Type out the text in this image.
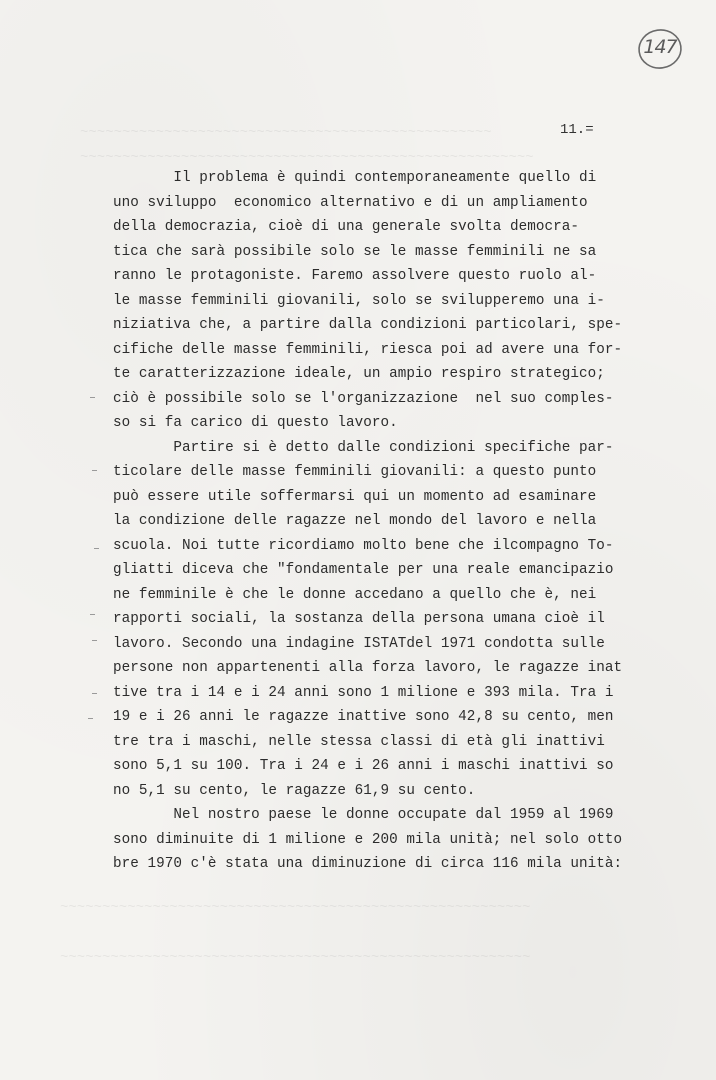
~~~~~~~~~~~~~~~~~~~~~~~~~~~~~~~~~~~~~~~~~~~~~~~~~
~~~~~~~~~~~~~~~~~~~~~~~~~~~~~~~~~~~~~~~~~~~~~~~~~~~~~~
~~~~~~~~~~~~~~~~~~~~~~~~~~~~~~~~~~~~~~~~~~~~~~~~~~~~~~~~
~~~~~~~~~~~~~~~~~~~~~~~~~~~~~~~~~~~~~~~~~~~~~~~~~~~~~~~~
147
11.=
Il problema è quindi contemporaneamente quello di
uno sviluppo  economico alternativo e di un ampliamento
della democrazia, cioè di una generale svolta democra-
tica che sarà possibile solo se le masse femminili ne sa
ranno le protagoniste. Faremo assolvere questo ruolo al-
le masse femminili giovanili, solo se svilupperemo una i-
niziativa che, a partire dalla condizioni particolari, spe-
cifiche delle masse femminili, riesca poi ad avere una for-
te caratterizzazione ideale, un ampio respiro strategico;
ciò è possibile solo se l'organizzazione  nel suo comples-
so si fa carico di questo lavoro.
Partire si è detto dalle condizioni specifiche par-
ticolare delle masse femminili giovanili: a questo punto
può essere utile soffermarsi qui un momento ad esaminare
la condizione delle ragazze nel mondo del lavoro e nella
scuola. Noi tutte ricordiamo molto bene che ilcompagno To-
gliatti diceva che "fondamentale per una reale emancipazio
ne femminile è che le donne accedano a quello che è, nei
rapporti sociali, la sostanza della persona umana cioè il
lavoro. Secondo una indagine ISTATdel 1971 condotta sulle
persone non appartenenti alla forza lavoro, le ragazze inat
tive tra i 14 e i 24 anni sono 1 milione e 393 mila. Tra i
19 e i 26 anni le ragazze inattive sono 42,8 su cento, men
tre tra i maschi, nelle stessa classi di età gli inattivi
sono 5,1 su 100. Tra i 24 e i 26 anni i maschi inattivi so
no 5,1 su cento, le ragazze 61,9 su cento.
Nel nostro paese le donne occupate dal 1959 al 1969
sono diminuite di 1 milione e 200 mila unità; nel solo otto
bre 1970 c'è stata una diminuzione di circa 116 mila unità:
